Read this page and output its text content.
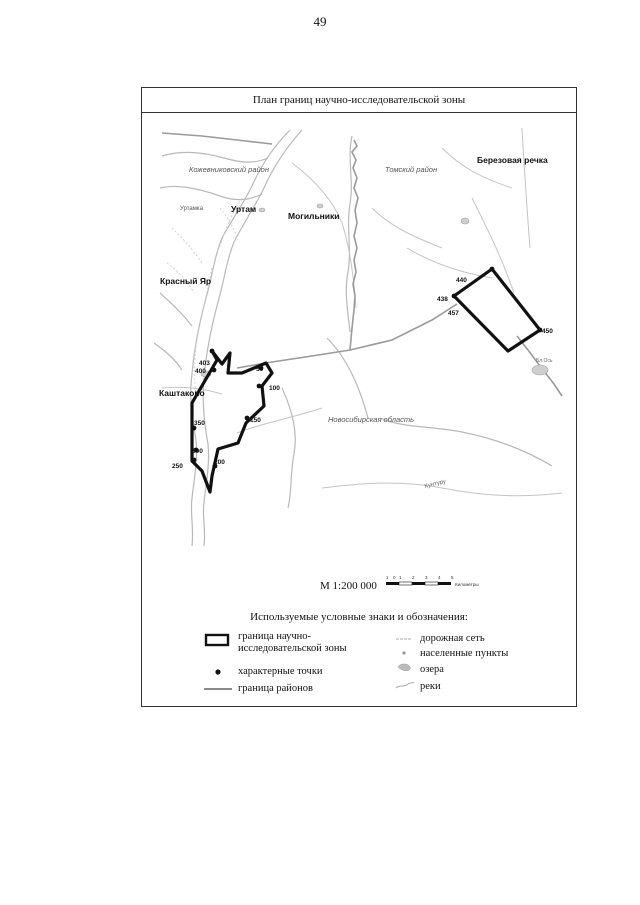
49
План границ научно-исследовательской зоны
Кожевниковский район	Томский район
Березовая речка
Уртамка	Уртам
Могильники
Красный Яр
Каштаково
Новосибирская область
Кунтуру
Бл.Ось
440
438
457
450
403
400	50
100
150
350
300
250
200
1 0 1 2 3 4 5
Километры
М 1:200 000
Используемые условные знаки и обозначения:
граница научно-исследовательской зоны
характерные точки
граница районов
дорожная сеть
населенные пункты
озера
реки
